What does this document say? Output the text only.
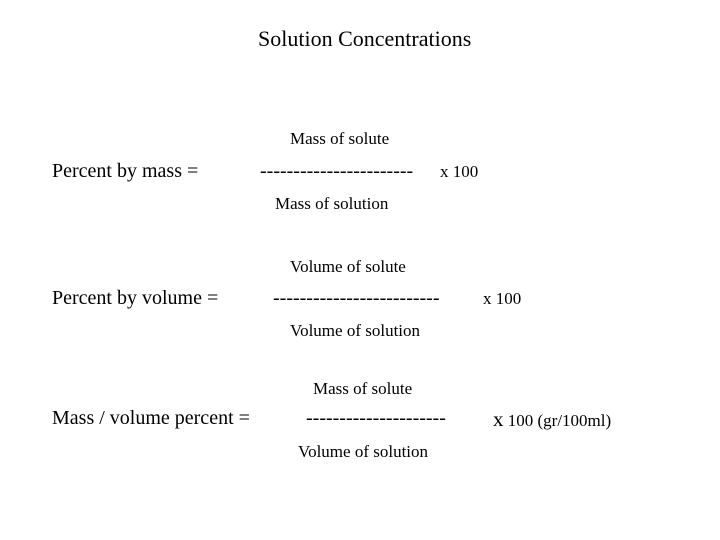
Solution Concentrations
Mass of solute
Percent by mass =	----------------------- x 100
Mass of solution
Volume of solute
Percent by volume =	-------------------------	x 100
Volume of solution
Mass of solute
Mass / volume percent =	--------------------- x 100 (gr/100ml)
Volume of solution
